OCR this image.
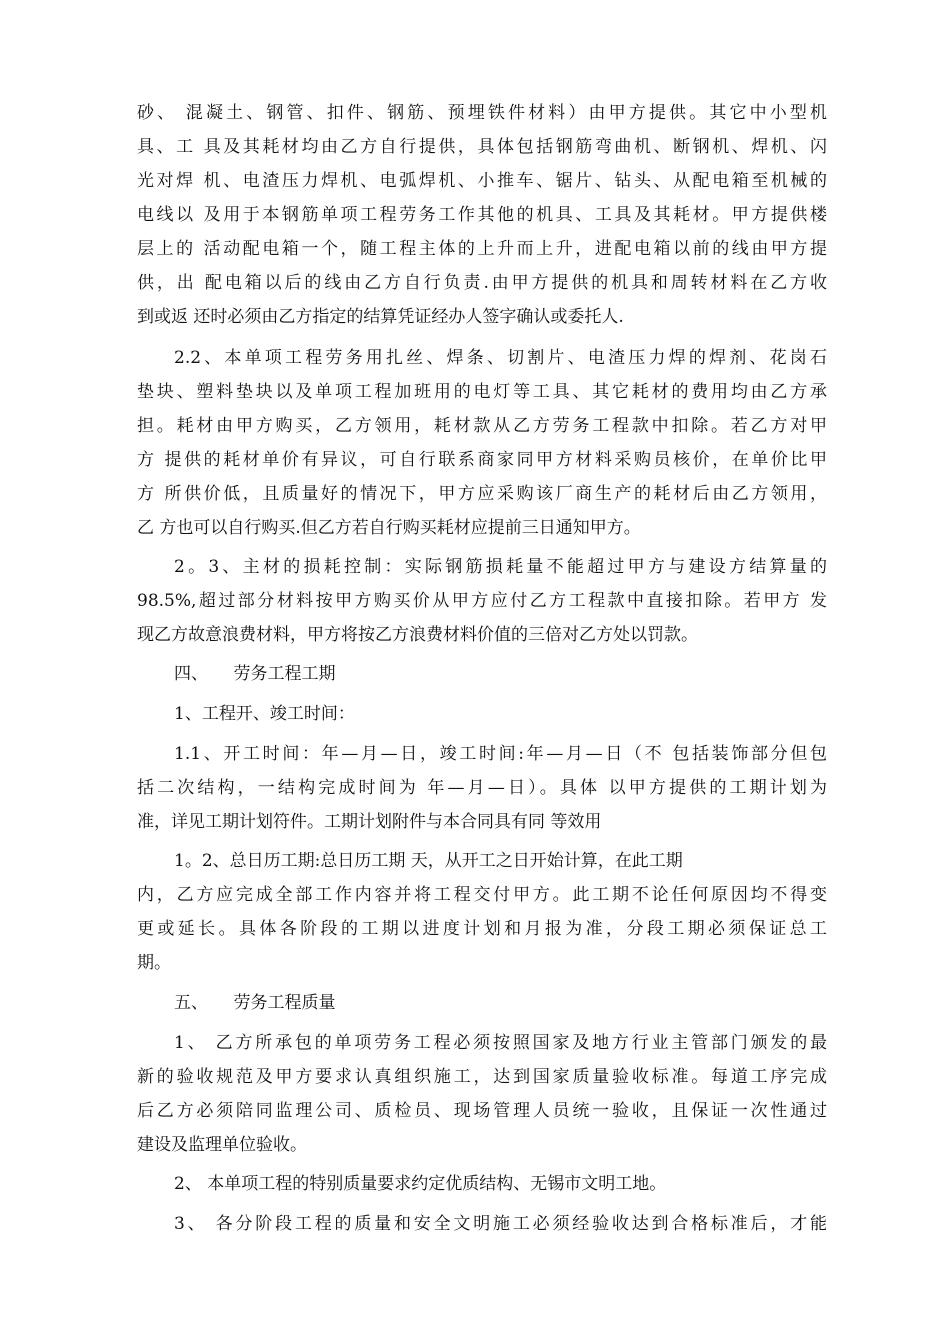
砂、 混凝土、钢管、扣件、钢筋、预埋铁件材料）由甲方提供。其它中小型机
具、工 具及其耗材均由乙方自行提供，具体包括钢筋弯曲机、断钢机、焊机、闪
光对焊 机、电渣压力焊机、电弧焊机、小推车、锯片、钻头、从配电箱至机械的
电线以 及用于本钢筋单项工程劳务工作其他的机具、工具及其耗材。甲方提供楼
层上的 活动配电箱一个，随工程主体的上升而上升，进配电箱以前的线由甲方提
供，出 配电箱以后的线由乙方自行负责.由甲方提供的机具和周转材料在乙方收
到或返 还时必须由乙方指定的结算凭证经办人签字确认或委托人.
2.2、本单项工程劳务用扎丝、焊条、切割片、电渣压力焊的焊剂、花岗石
垫块、塑料垫块以及单项工程加班用的电灯等工具、其它耗材的费用均由乙方承
担。耗材由甲方购买，乙方领用，耗材款从乙方劳务工程款中扣除。若乙方对甲
方 提供的耗材单价有异议，可自行联系商家同甲方材料采购员核价，在单价比甲
方 所供价低，且质量好的情况下，甲方应采购该厂商生产的耗材后由乙方领用，
乙 方也可以自行购买.但乙方若自行购买耗材应提前三日通知甲方。
2。3、主材的损耗控制：实际钢筋损耗量不能超过甲方与建设方结算量的
98.5%,超过部分材料按甲方购买价从甲方应付乙方工程款中直接扣除。若甲方 发
现乙方故意浪费材料，甲方将按乙方浪费材料价值的三倍对乙方处以罚款。
四、　　劳务工程工期
1、工程开、竣工时间：
1.1、开工时间：年—月—日，竣工时间:年—月—日（不 包括装饰部分但包
括二次结构，一结构完成时间为 年—月—日）。具体 以甲方提供的工期计划为
准，详见工期计划符件。工期计划附件与本合同具有同 等效用
1。2、总日历工期:总日历工期 天，从开工之日开始计算，在此工期
内，乙方应完成全部工作内容并将工程交付甲方。此工期不论任何原因均不得变
更或延长。具体各阶段的工期以进度计划和月报为准，分段工期必须保证总工
期。
五、　　劳务工程质量
1、 乙方所承包的单项劳务工程必须按照国家及地方行业主管部门颁发的最
新的验收规范及甲方要求认真组织施工，达到国家质量验收标准。每道工序完成
后乙方必须陪同监理公司、质检员、现场管理人员统一验收，且保证一次性通过
建设及监理单位验收。
2、 本单项工程的特别质量要求约定优质结构、无锡市文明工地。
3、 各分阶段工程的质量和安全文明施工必须经验收达到合格标准后，才能
